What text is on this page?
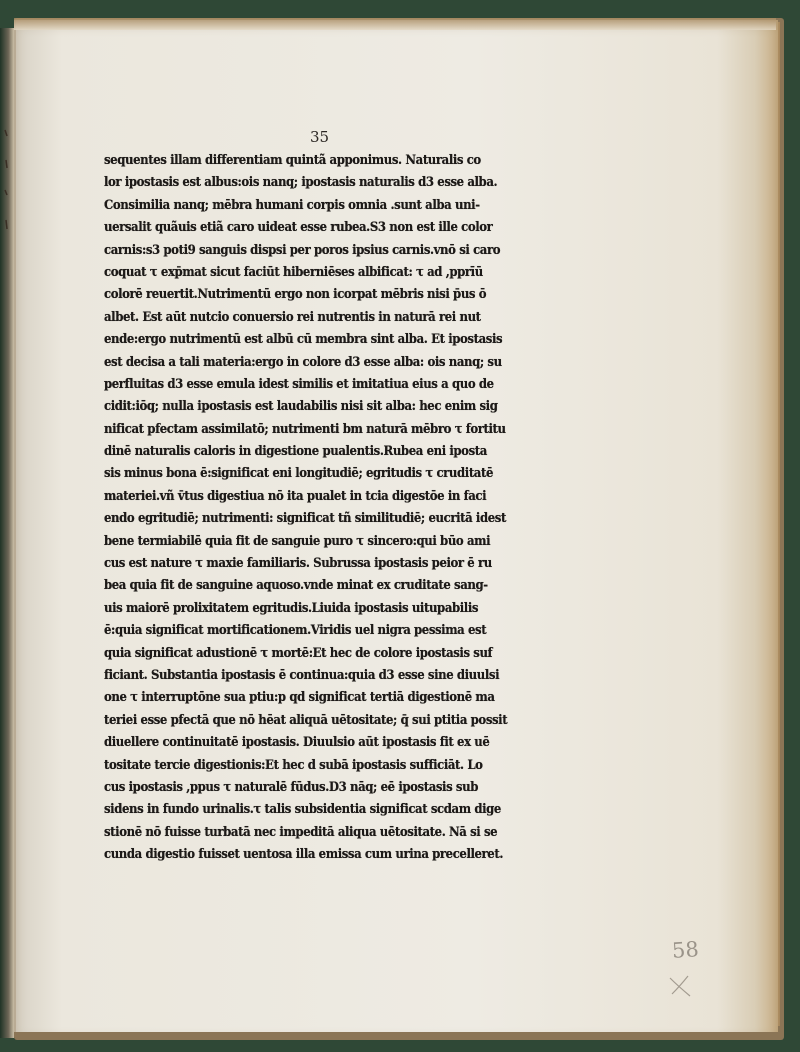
35
sequentes illam differentiam quintã apponimus. Naturalis co
lor ipostasis est albus:ois nanq; ipostasis naturalis d3 esse alba.
Consimilia nanq; mēbra humani corpis omnia .sunt alba uni-
uersalit quãuis etiã caro uideat esse rubea.S3 non est ille color
carnis:s3 poti9 sanguis dispsi per poros ipsius carnis.vnō si caro
coquat τ exp̄mat sicut faciūt hiberniēses albificat: τ ad ,pprīū
colorē reuertit.Nutrimentū ergo non icorpat mēbris nisi p̄us ō
albet. Est aūt nutcio conuersio rei nutrentis in naturā rei nut
ende:ergo nutrimentū est albū cū membra sint alba. Et ipostasis
est decisa a tali materia:ergo in colore d3 esse alba: ois nanq; su
perfluitas d3 esse emula idest similis et imitatiua eius a quo de
cidit:iōq; nulla ipostasis est laudabilis nisi sit alba: hec enim sig
nificat pfectam assimilatō; nutrimenti bm naturā mēbro τ fortitu
dinē naturalis caloris in digestione pualentis.Rubea eni iposta
sis minus bona ē:significat eni longitudiē; egritudis τ cruditatē
materiei.vñ v̄tus digestiua nō ita pualet in tcia digestōe in faci
endo egritudiē; nutrimenti: significat tñ similitudiē; eucritā idest
bene termiabilē quia fit de sanguie puro τ sincero:qui būo ami
cus est nature τ maxie familiaris. Subrussa ipostasis peior ē ru
bea quia fit de sanguine aquoso.vnde minat ex cruditate sang-
uis maiorē prolixitatem egritudis.Liuida ipostasis uitupabilis
ē:quia significat mortificationem.Viridis uel nigra pessima est
quia significat adustionē τ mortē:Et hec de colore ipostasis suf
ficiant. Substantia ipostasis ē continua:quia d3 esse sine diuulsi
one τ interruptōne sua ptiu:p qd significat tertiā digestionē ma
teriei esse pfectā que nō hēat aliquā uētositate; q̄ sui ptitia possit
diuellere continuitatē ipostasis. Diuulsio aūt ipostasis fit ex uē
tositate tercie digestionis:Et hec d subā ipostasis sufficiāt. Lo
cus ipostasis ,ppus τ naturalē fūdus.D3 nāq; eē ipostasis sub
sidens in fundo urinalis.τ talis subsidentia significat scdam dige
stionē nō fuisse turbatā nec impeditā aliqua uētositate. Nā si se
cunda digestio fuisset uentosa illa emissa cum urina precelleret.
58
